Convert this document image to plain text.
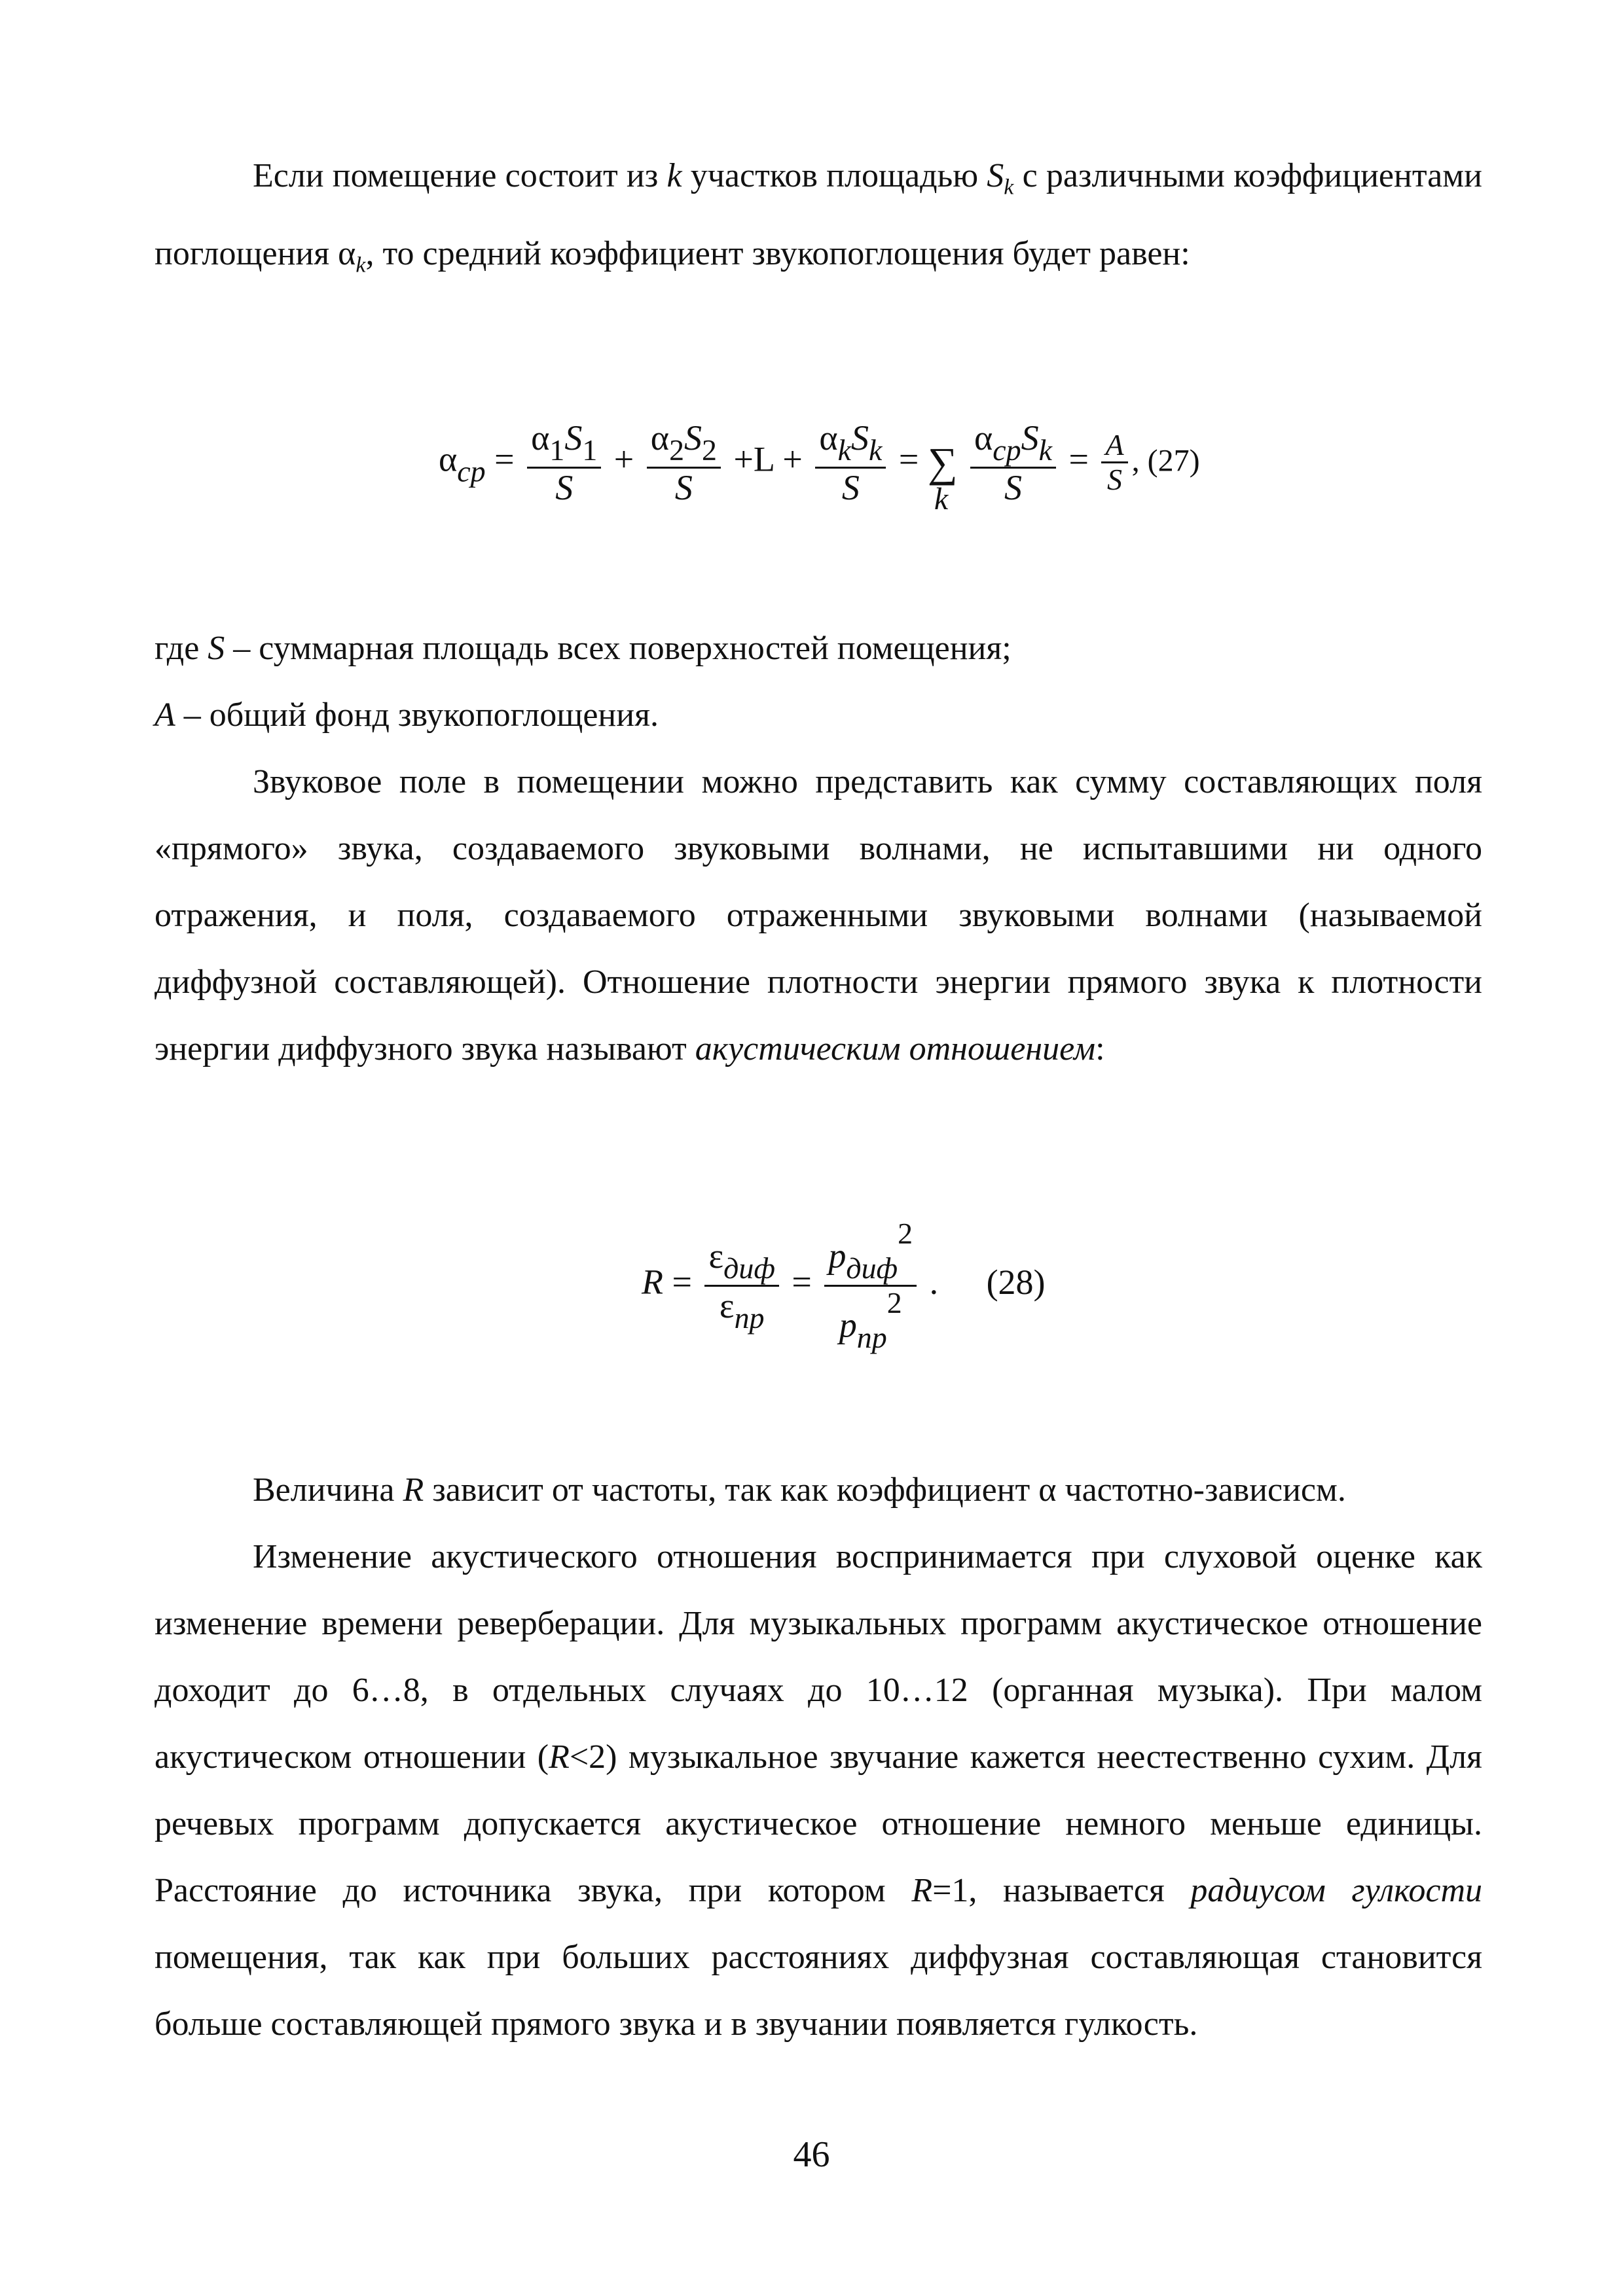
Если помещение состоит из k участков площадью $S_k$ с различными коэффициентами поглощения $\alpha_k$, то средний коэффициент звукопоглощения будет равен:

$\alpha_{cp} = \frac{\alpha_1S_1}{S} + \frac{\alpha_2S_2}{S} +L + \frac{\alpha_kS_k}{S}$ = ∑
k
$\frac{\alpha_{cp}S_k}{S} = \frac{A}{S}$ , (27)

где S – суммарная площадь всех поверхностей помещения;

A – общий фонд звукопоглощения.

Звуковое поле в помещении можно представить как сумму составляющих поля «прямого» звука, создаваемого звуковыми волнами, не испытавшими ни одного отражения, и поля, создаваемого отраженными звуковыми волнами (называемой диффузной составляющей). Отношение плотности энергии прямого звука к плотности энергии диффузного звука называют акустическим отношением:

$R = \frac{\varepsilon_{диф}}{\varepsilon_{пр}} = \frac{p_{диф}^2}{p_{пр}^2}$ . (28)

Величина R зависит от частоты, так как коэффициент α частотно-зависисм.

Изменение акустического отношения воспринимается при слуховой оценке как изменение времени реверберации. Для музыкальных программ акустическое отношение доходит до 6…8, в отдельных случаях до 10…12 (органная музыка). При малом акустическом отношении (R<2) музыкальное звучание кажется неестественно сухим. Для речевых программ допускается акустическое отношение немного меньше единицы. Расстояние до источника звука, при котором R=1, называется радиусом гулкости помещения, так как при больших расстояниях диффузная составляющая становится больше составляющей прямого звука и в звучании появляется гулкость.

46
